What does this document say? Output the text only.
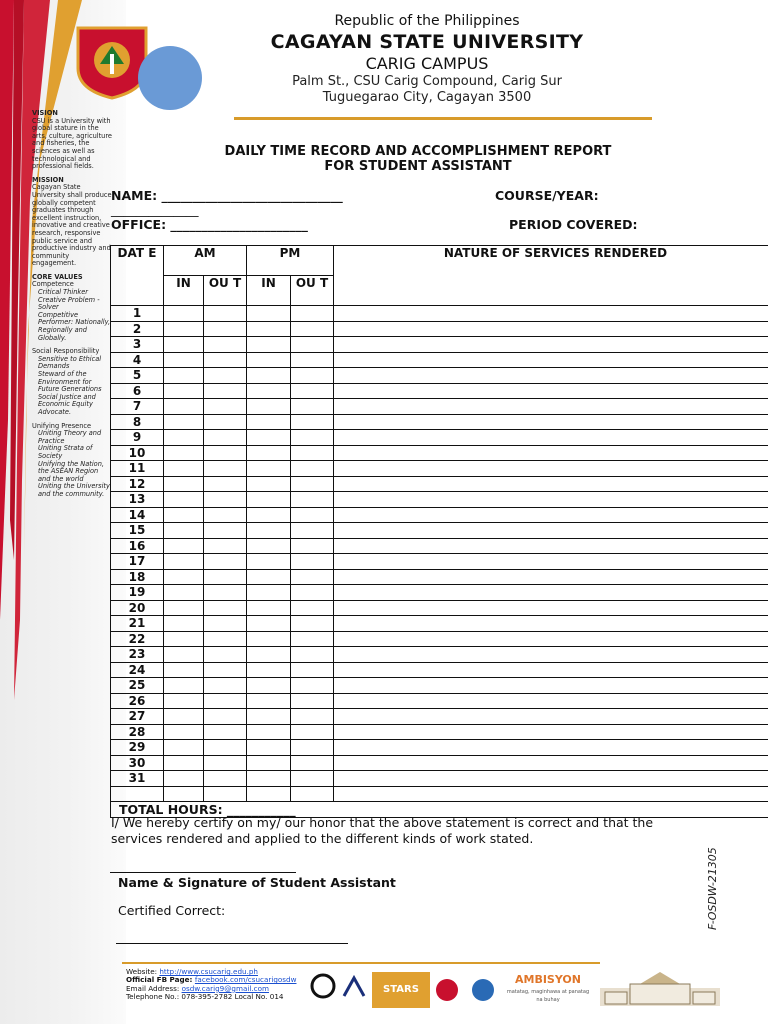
Republic of the Philippines
CAGAYAN STATE UNIVERSITY
CARIG CAMPUS
Palm St., CSU Carig Compound, Carig Sur
Tuguegarao City, Cagayan 3500
VISION
CSU is a University with global stature in the arts, culture, agriculture and fisheries, the sciences as well as technological and professional fields.
MISSION
Cagayan State University shall produce globally competent graduates through excellent instruction, innovative and creative research, responsive public service and productive industry and community engagement.
CORE VALUES
Competence
Critical Thinker
Creative Problem - Solver
Competitive Performer: Nationally, Regionally and Globally.
Social Responsibility
Sensitive to Ethical Demands
Steward of the Environment for Future Generations
Social Justice and Economic Equity Advocate.
Unifying Presence
Uniting Theory and Practice
Uniting Strata of Society
Unifying the Nation, the ASEAN Region and the world
Uniting the University and the community.
DAILY TIME RECORD AND ACCOMPLISHMENT REPORT
FOR STUDENT ASSISTANT
NAME: _____________________________
______________
COURSE/YEAR:
OFFICE: ______________________	PERIOD COVERED:
DAT E	AM		PM		NATURE OF SERVICES RENDERED
	IN	OU T	IN	OU T	
1					
2					
3					
4					
5					
6					
7					
8					
9					
10					
11					
12					
13					
14					
15					
16					
17					
18					
19					
20					
21					
22					
23					
24					
25					
26					
27					
28					
29					
30					
31					

TOTAL HOURS: ___________					
I/ We hereby certify on my/ our honor that the above statement is correct and that the services rendered and applied to the different kinds of work stated.
Name & Signature of Student Assistant
Certified Correct:	F-OSDW-21305
Website: http://www.csucarig.edu.ph
Official FB Page: facebook.com/csucarigosdw
Email Address: osdw.carig9@gmail.com
Telephone No.: 078-395-2782 Local No. 014
STARS
AMBISYON
matatag, maginhawa at panatag na buhay
